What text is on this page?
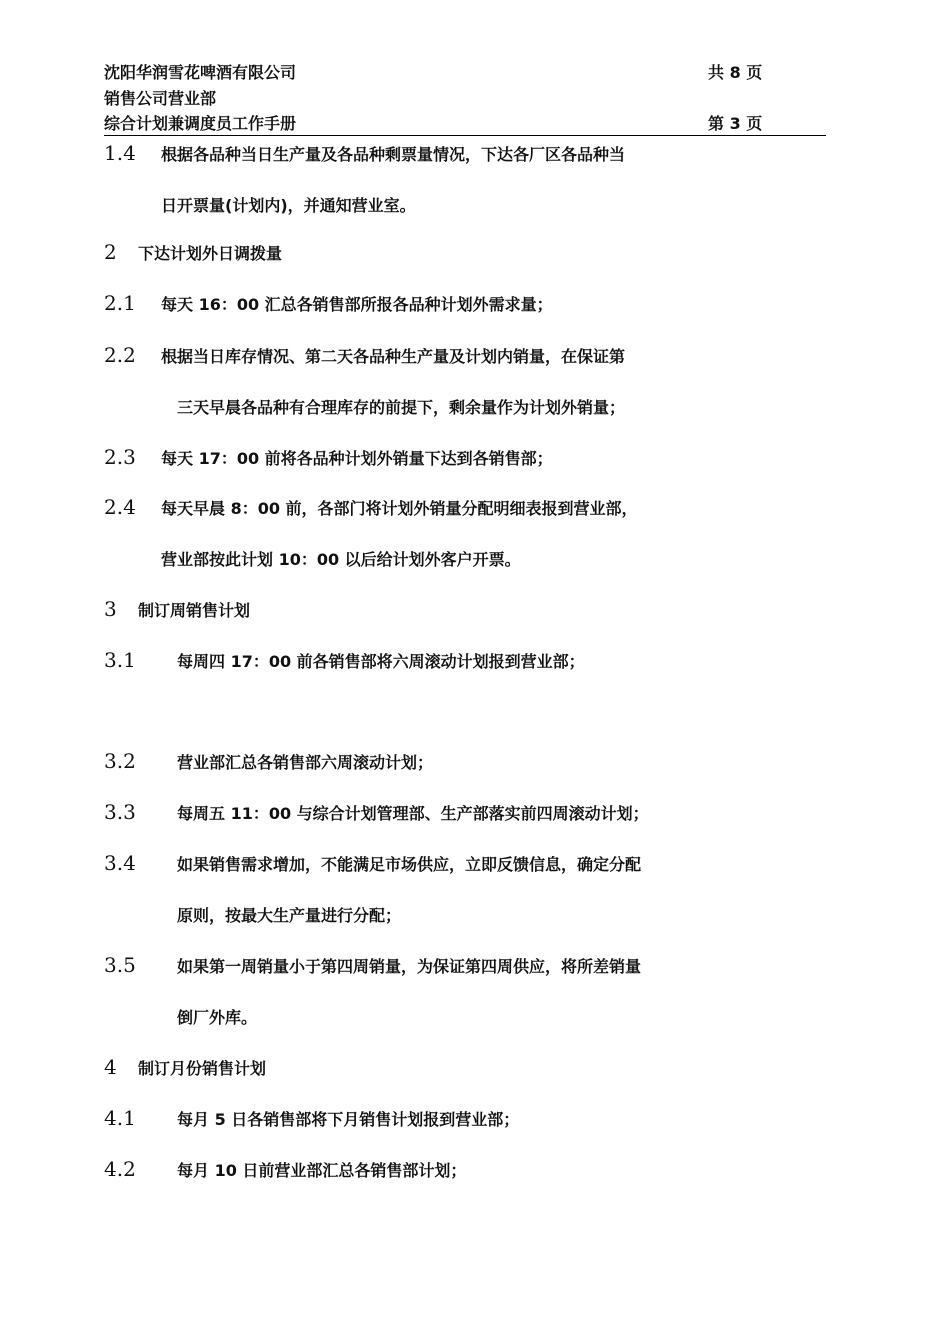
沈阳华润雪花啤酒有限公司	共 8 页
销售公司营业部
综合计划兼调度员工作手册	第 3 页
1.4 根据各品种当日生产量及各品种剩票量情况，下达各厂区各品种当
日开票量(计划内)，并通知营业室。
2 下达计划外日调拨量
2.1 每天 16：00 汇总各销售部所报各品种计划外需求量；
2.2 根据当日库存情况、第二天各品种生产量及计划内销量，在保证第
三天早晨各品种有合理库存的前提下，剩余量作为计划外销量；
2.3 每天 17：00 前将各品种计划外销量下达到各销售部；
2.4 每天早晨 8：00 前，各部门将计划外销量分配明细表报到营业部，
营业部按此计划 10：00 以后给计划外客户开票。
3 制订周销售计划
3.1	每周四 17：00 前各销售部将六周滚动计划报到营业部；
3.2	营业部汇总各销售部六周滚动计划；
3.3	每周五 11：00 与综合计划管理部、生产部落实前四周滚动计划；
3.4	如果销售需求增加，不能满足市场供应，立即反馈信息，确定分配
原则，按最大生产量进行分配；
3.5	如果第一周销量小于第四周销量，为保证第四周供应，将所差销量
倒厂外库。
4 制订月份销售计划
4.1	每月 5 日各销售部将下月销售计划报到营业部；
4.2	每月 10 日前营业部汇总各销售部计划；
